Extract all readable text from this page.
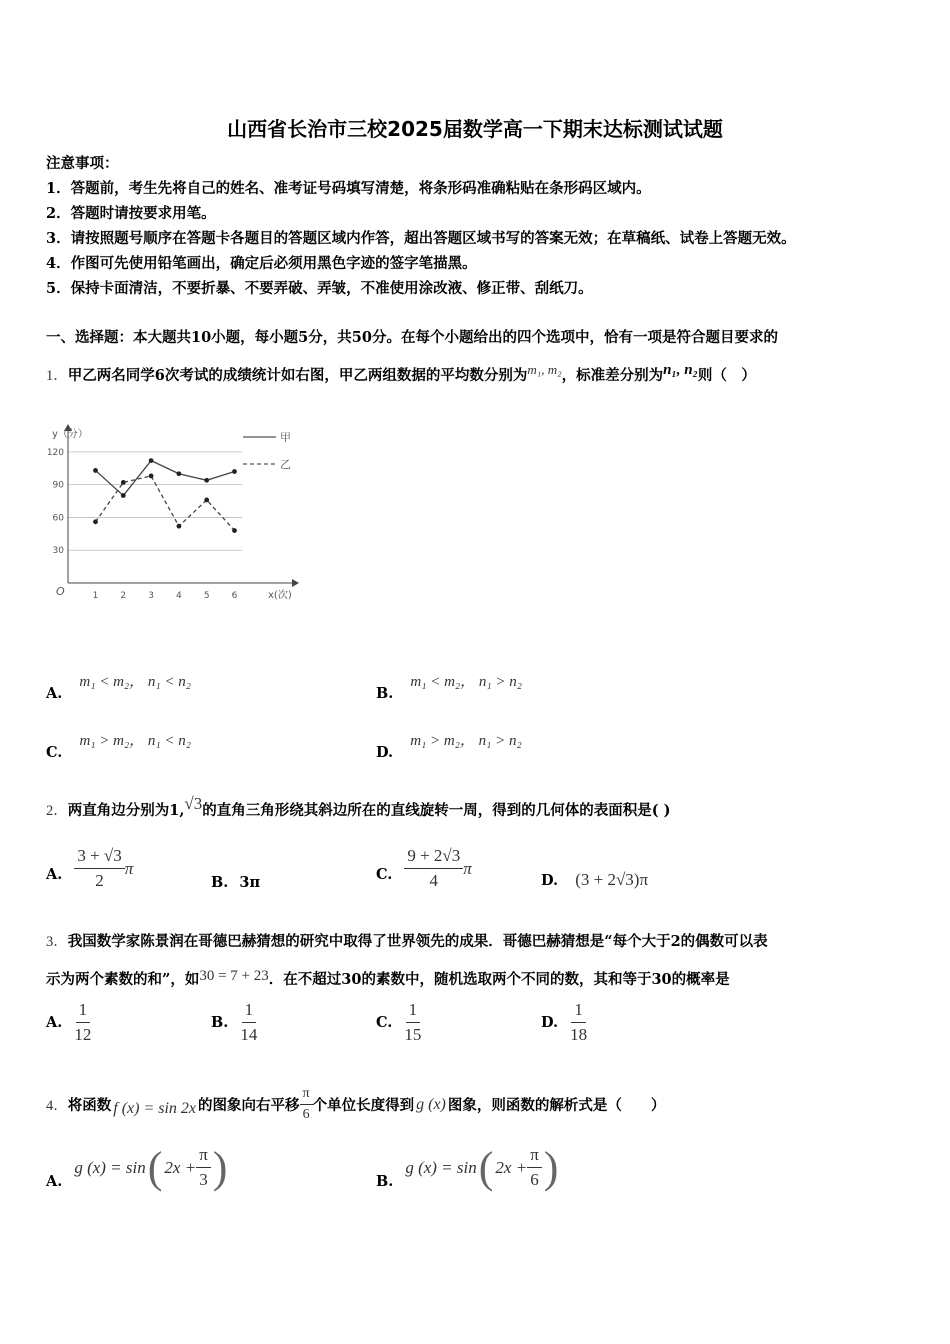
山西省长治市三校2025届数学高一下期末达标测试试题
注意事项：
1．答题前，考生先将自己的姓名、准考证号码填写清楚，将条形码准确粘贴在条形码区域内。
2．答题时请按要求用笔。
3．请按照题号顺序在答题卡各题目的答题区域内作答，超出答题区域书写的答案无效；在草稿纸、试卷上答题无效。
4．作图可先使用铅笔画出，确定后必须用黑色字迹的签字笔描黑。
5．保持卡面清洁，不要折暴、不要弄破、弄皱，不准使用涂改液、修正带、刮纸刀。
一、选择题：本大题共10小题，每小题5分，共50分。在每个小题给出的四个选项中，恰有一项是符合题目要求的
1．甲乙两名同学6次考试的成绩统计如右图，甲乙两组数据的平均数分别为m₁, m₂，标准差分别为n₁, n₂则（　）
y（分）
O	x(次)
30
60
90
120
1 2 3 4 5 6
甲
乙
A. m₁ < m₂， n₁ < n₂
B. m₁ < m₂， n₁ > n₂
C. m₁ > m₂， n₁ < n₂
D. m₁ > m₂， n₁ > n₂
2．两直角边分别为1,√3的直角三角形绕其斜边所在的直线旋转一周，得到的几何体的表面积是( )
A. $\frac{3 + √3}{2}$ π
B. 3π	C. $\frac{9 + 2√3}{4}$ π
D. (3 + 2√3)π
3．我国数学家陈景润在哥德巴赫猜想的研究中取得了世界领先的成果．哥德巴赫猜想是“每个大于2的偶数可以表
示为两个素数的和”，如30 = 7 + 23．在不超过30的素数中，随机选取两个不同的数，其和等于30的概率是
A. $\frac{1}{12}$	B. $\frac{1}{14}$	C. $\frac{1}{15}$	D. $\frac{1}{18}$
4． 将函数 f (x) = sin 2x 的图象向右平移 $\frac{\pi}{6}$ 个单位长度得到 g (x) 图象，则函数的解析式是（　　）
A.
g (x) = sin ( $2x + \frac{\pi}{3}$ )	B.
g (x) = sin ( $2x + \frac{\pi}{6}$ )
